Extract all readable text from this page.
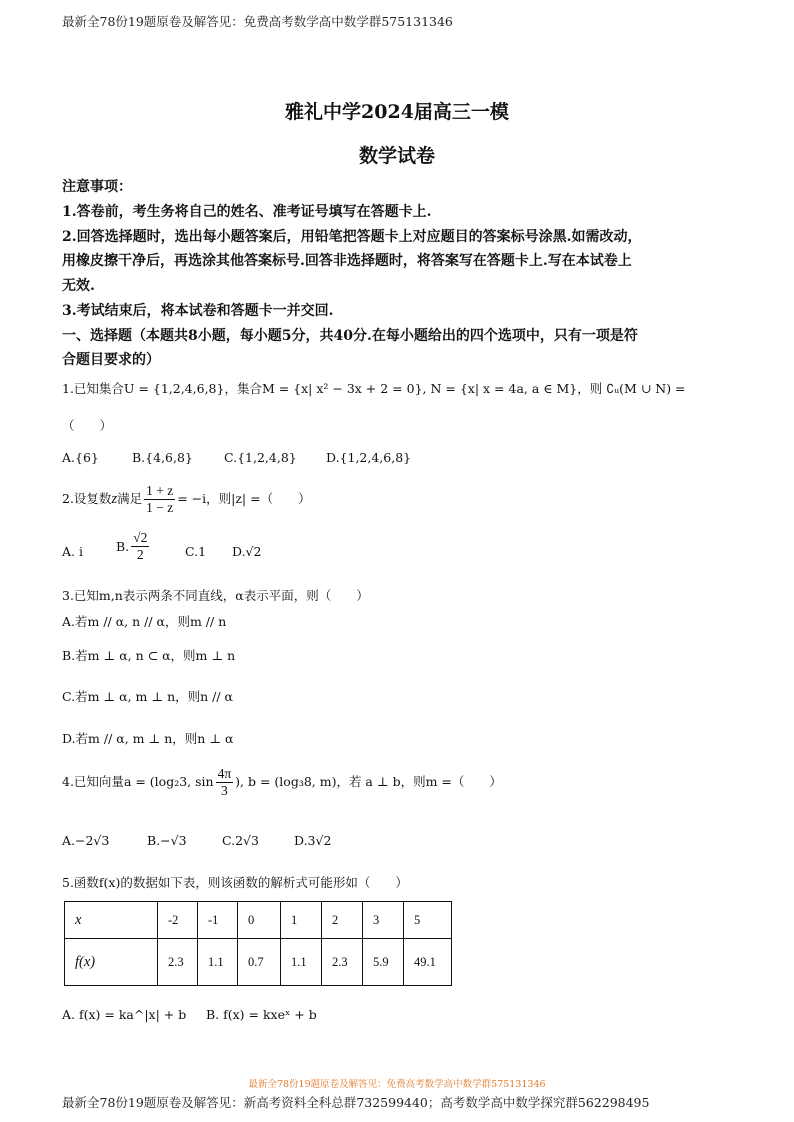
最新全78份19题原卷及解答见：免费高考数学高中数学群575131346
雅礼中学2024届高三一模
数学试卷
注意事项：
1.答卷前，考生务将自己的姓名、准考证号填写在答题卡上.
2.回答选择题时，选出每小题答案后，用铅笔把答题卡上对应题目的答案标号涂黑.如需改动，
用橡皮擦干净后，再选涂其他答案标号.回答非选择题时，将答案写在答题卡上.写在本试卷上
无效.
3.考试结束后，将本试卷和答题卡一并交回.
一、选择题（本题共8小题，每小题5分，共40分.在每小题给出的四个选项中，只有一项是符
合题目要求的）
1.已知集合U = {1,2,4,6,8}，集合M = {x| x² − 3x + 2 = 0}, N = {x| x = 4a, a ∈ M}，则 ∁ᵤ(M ∪ N) =
（　　）
A.{6}	B.{4,6,8} C.{1,2,4,8} D.{1,2,4,6,8}
2.设复数z满足 $\frac{1 + z}{1 - z} = -i$，则|z| =（　　）
A. i	B. $\frac{√2}{2}$	C.1 D.√2
3.已知m,n表示两条不同直线，α表示平面，则（　　）
A.若m // α, n // α，则m // n
B.若m ⊥ α, n ⊂ α，则m ⊥ n
C.若m ⊥ α, m ⊥ n，则n // α
D.若m // α, m ⊥ n，则n ⊥ α
4.已知向量a = (log₂3, $\sin \frac{4\pi}{3}$ ), b = (log₃8, m)，若 a ⊥ b，则m =（　　）
A.−2√3	B.−√3	C.2√3	D.3√2
5.函数f(x)的数据如下表，则该函数的解析式可能形如（　　）
x	-2	-1	0	1	2	3	5
f(x)	2.3	1.1	0.7	1.1	2.3	5.9	49.1
A. f(x) = ka^|x| + b B. f(x) = kxeˣ + b
最新全78份19题原卷及解答见：免费高考数学高中数学群575131346
最新全78份19题原卷及解答见：新高考资料全科总群732599440；高考数学高中数学探究群562298495
